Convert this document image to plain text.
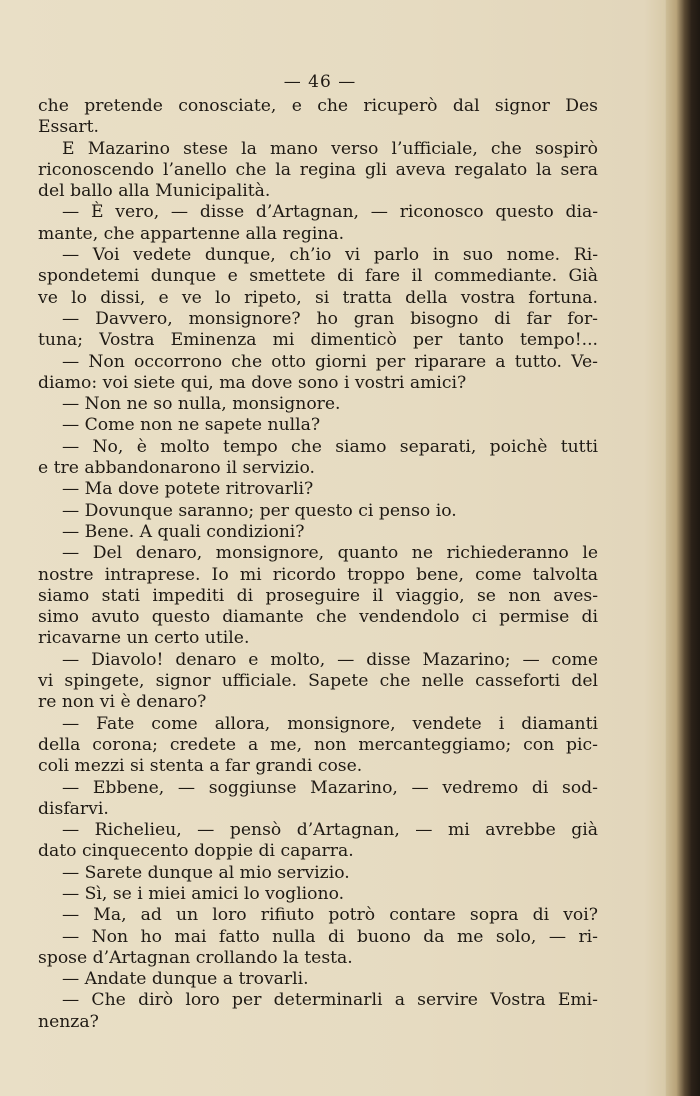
— 46 —
che pretende conosciate, e che ricuperò dal signor Des
Essart.
E Mazarino stese la mano verso l’ufficiale, che sospirò
riconoscendo l’anello che la regina gli aveva regalato la sera
del ballo alla Municipalità.
— È vero, — disse d’Artagnan, — riconosco questo dia-
mante, che appartenne alla regina.
— Voi vedete dunque, ch’io vi parlo in suo nome. Ri-
spondetemi dunque e smettete di fare il commediante. Già
ve lo dissi, e ve lo ripeto, si tratta della vostra fortuna.
— Davvero, monsignore? ho gran bisogno di far for-
tuna; Vostra Eminenza mi dimenticò per tanto tempo!...
— Non occorrono che otto giorni per riparare a tutto. Ve-
diamo: voi siete qui, ma dove sono i vostri amici?
— Non ne so nulla, monsignore.
— Come non ne sapete nulla?
— No, è molto tempo che siamo separati, poichè tutti
e tre abbandonarono il servizio.
— Ma dove potete ritrovarli?
— Dovunque saranno; per questo ci penso io.
— Bene. A quali condizioni?
— Del denaro, monsignore, quanto ne richiederanno le
nostre intraprese. Io mi ricordo troppo bene, come talvolta
siamo stati impediti di proseguire il viaggio, se non aves-
simo avuto questo diamante che vendendolo ci permise di
ricavarne un certo utile.
— Diavolo! denaro e molto, — disse Mazarino; — come
vi spingete, signor ufficiale. Sapete che nelle casseforti del
re non vi è denaro?
— Fate come allora, monsignore, vendete i diamanti
della corona; credete a me, non mercanteggiamo; con pic-
coli mezzi si stenta a far grandi cose.
— Ebbene, — soggiunse Mazarino, — vedremo di sod-
disfarvi.
— Richelieu, — pensò d’Artagnan, — mi avrebbe già
dato cinquecento doppie di caparra.
— Sarete dunque al mio servizio.
— Sì, se i miei amici lo vogliono.
— Ma, ad un loro rifiuto potrò contare sopra di voi?
— Non ho mai fatto nulla di buono da me solo, — ri-
spose d’Artagnan crollando la testa.
— Andate dunque a trovarli.
— Che dirò loro per determinarli a servire Vostra Emi-
nenza?
